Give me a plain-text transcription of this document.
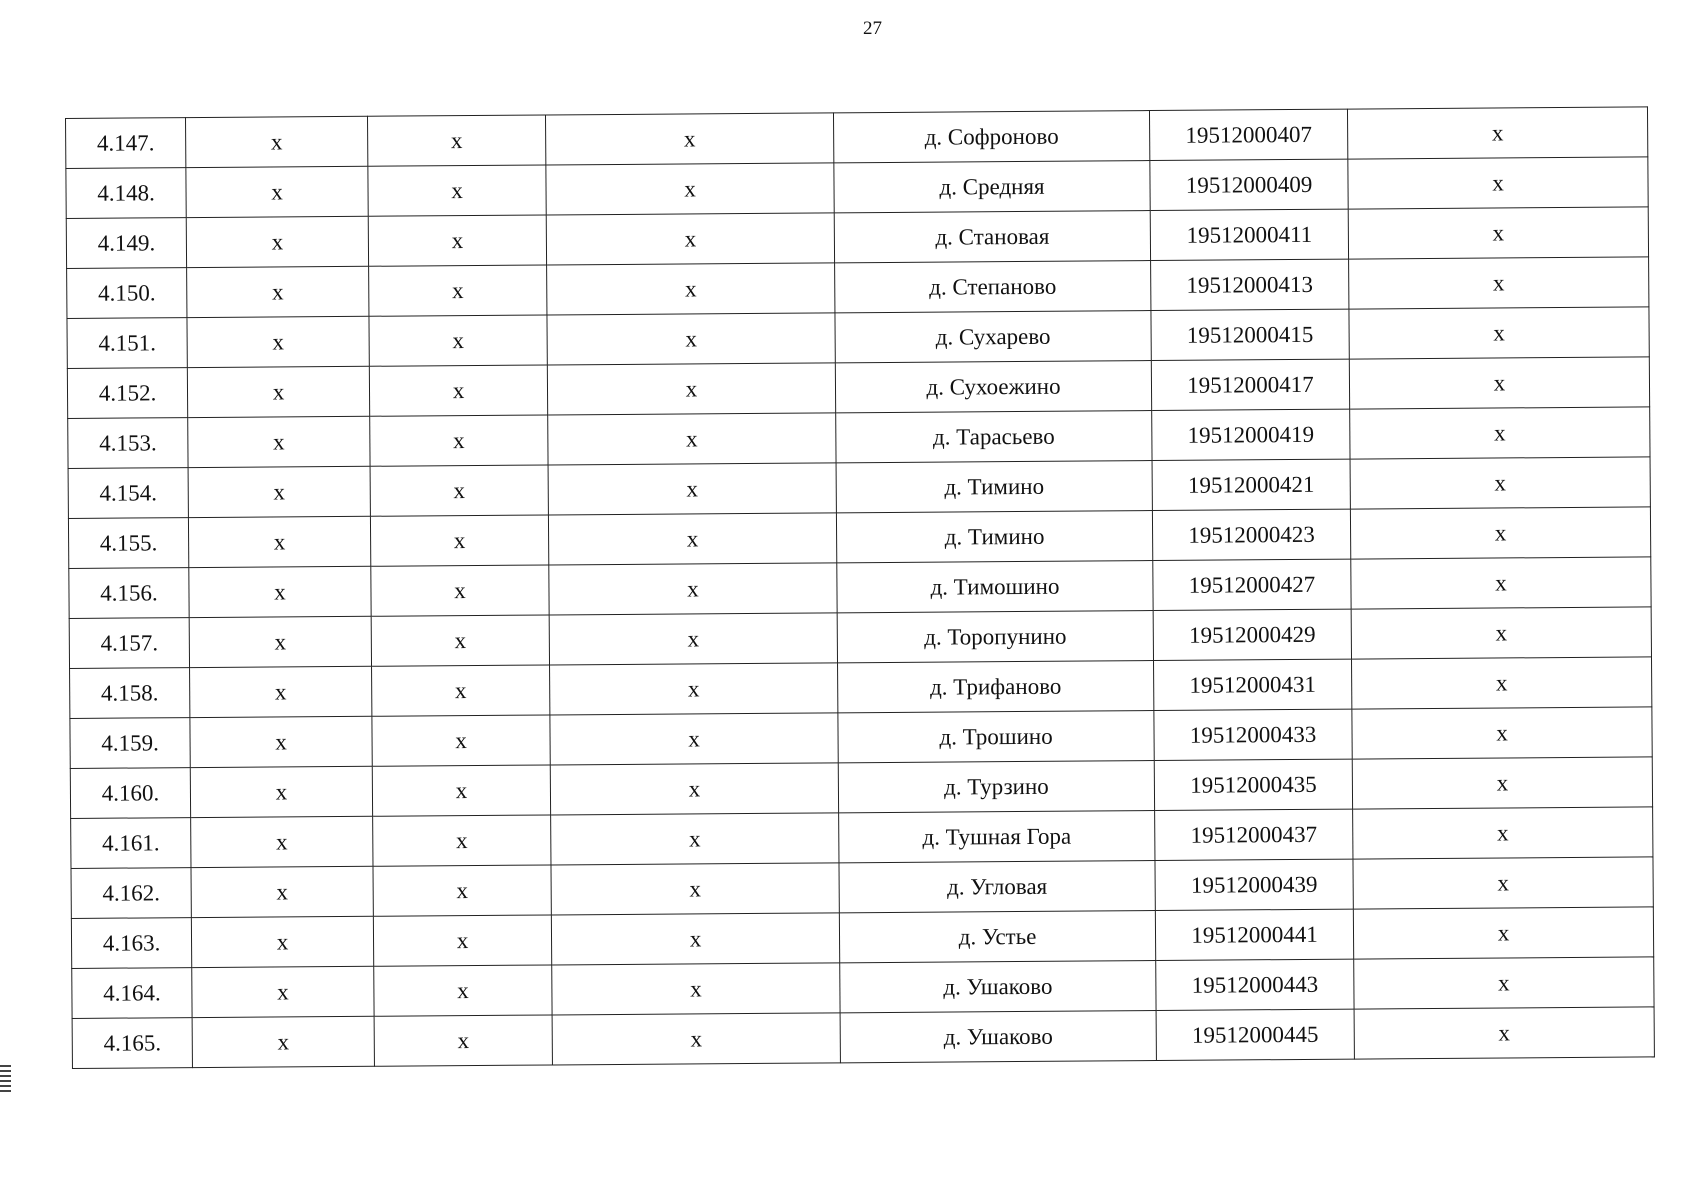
27
4.147.	x	x	x	д. Софроново	19512000407	x
4.148.	x	x	x	д. Средняя	19512000409	x
4.149.	x	x	x	д. Становая	19512000411	x
4.150.	x	x	x	д. Степаново	19512000413	x
4.151.	x	x	x	д. Сухарево	19512000415	x
4.152.	x	x	x	д. Сухоежино	19512000417	x
4.153.	x	x	x	д. Тарасьево	19512000419	x
4.154.	x	x	x	д. Тимино	19512000421	x
4.155.	x	x	x	д. Тимино	19512000423	x
4.156.	x	x	x	д. Тимошино	19512000427	x
4.157.	x	x	x	д. Торопунино	19512000429	x
4.158.	x	x	x	д. Трифаново	19512000431	x
4.159.	x	x	x	д. Трошино	19512000433	x
4.160.	x	x	x	д. Турзино	19512000435	x
4.161.	x	x	x	д. Тушная Гора	19512000437	x
4.162.	x	x	x	д. Угловая	19512000439	x
4.163.	x	x	x	д. Устье	19512000441	x
4.164.	x	x	x	д. Ушаково	19512000443	x
4.165.	x	x	x	д. Ушаково	19512000445	x
